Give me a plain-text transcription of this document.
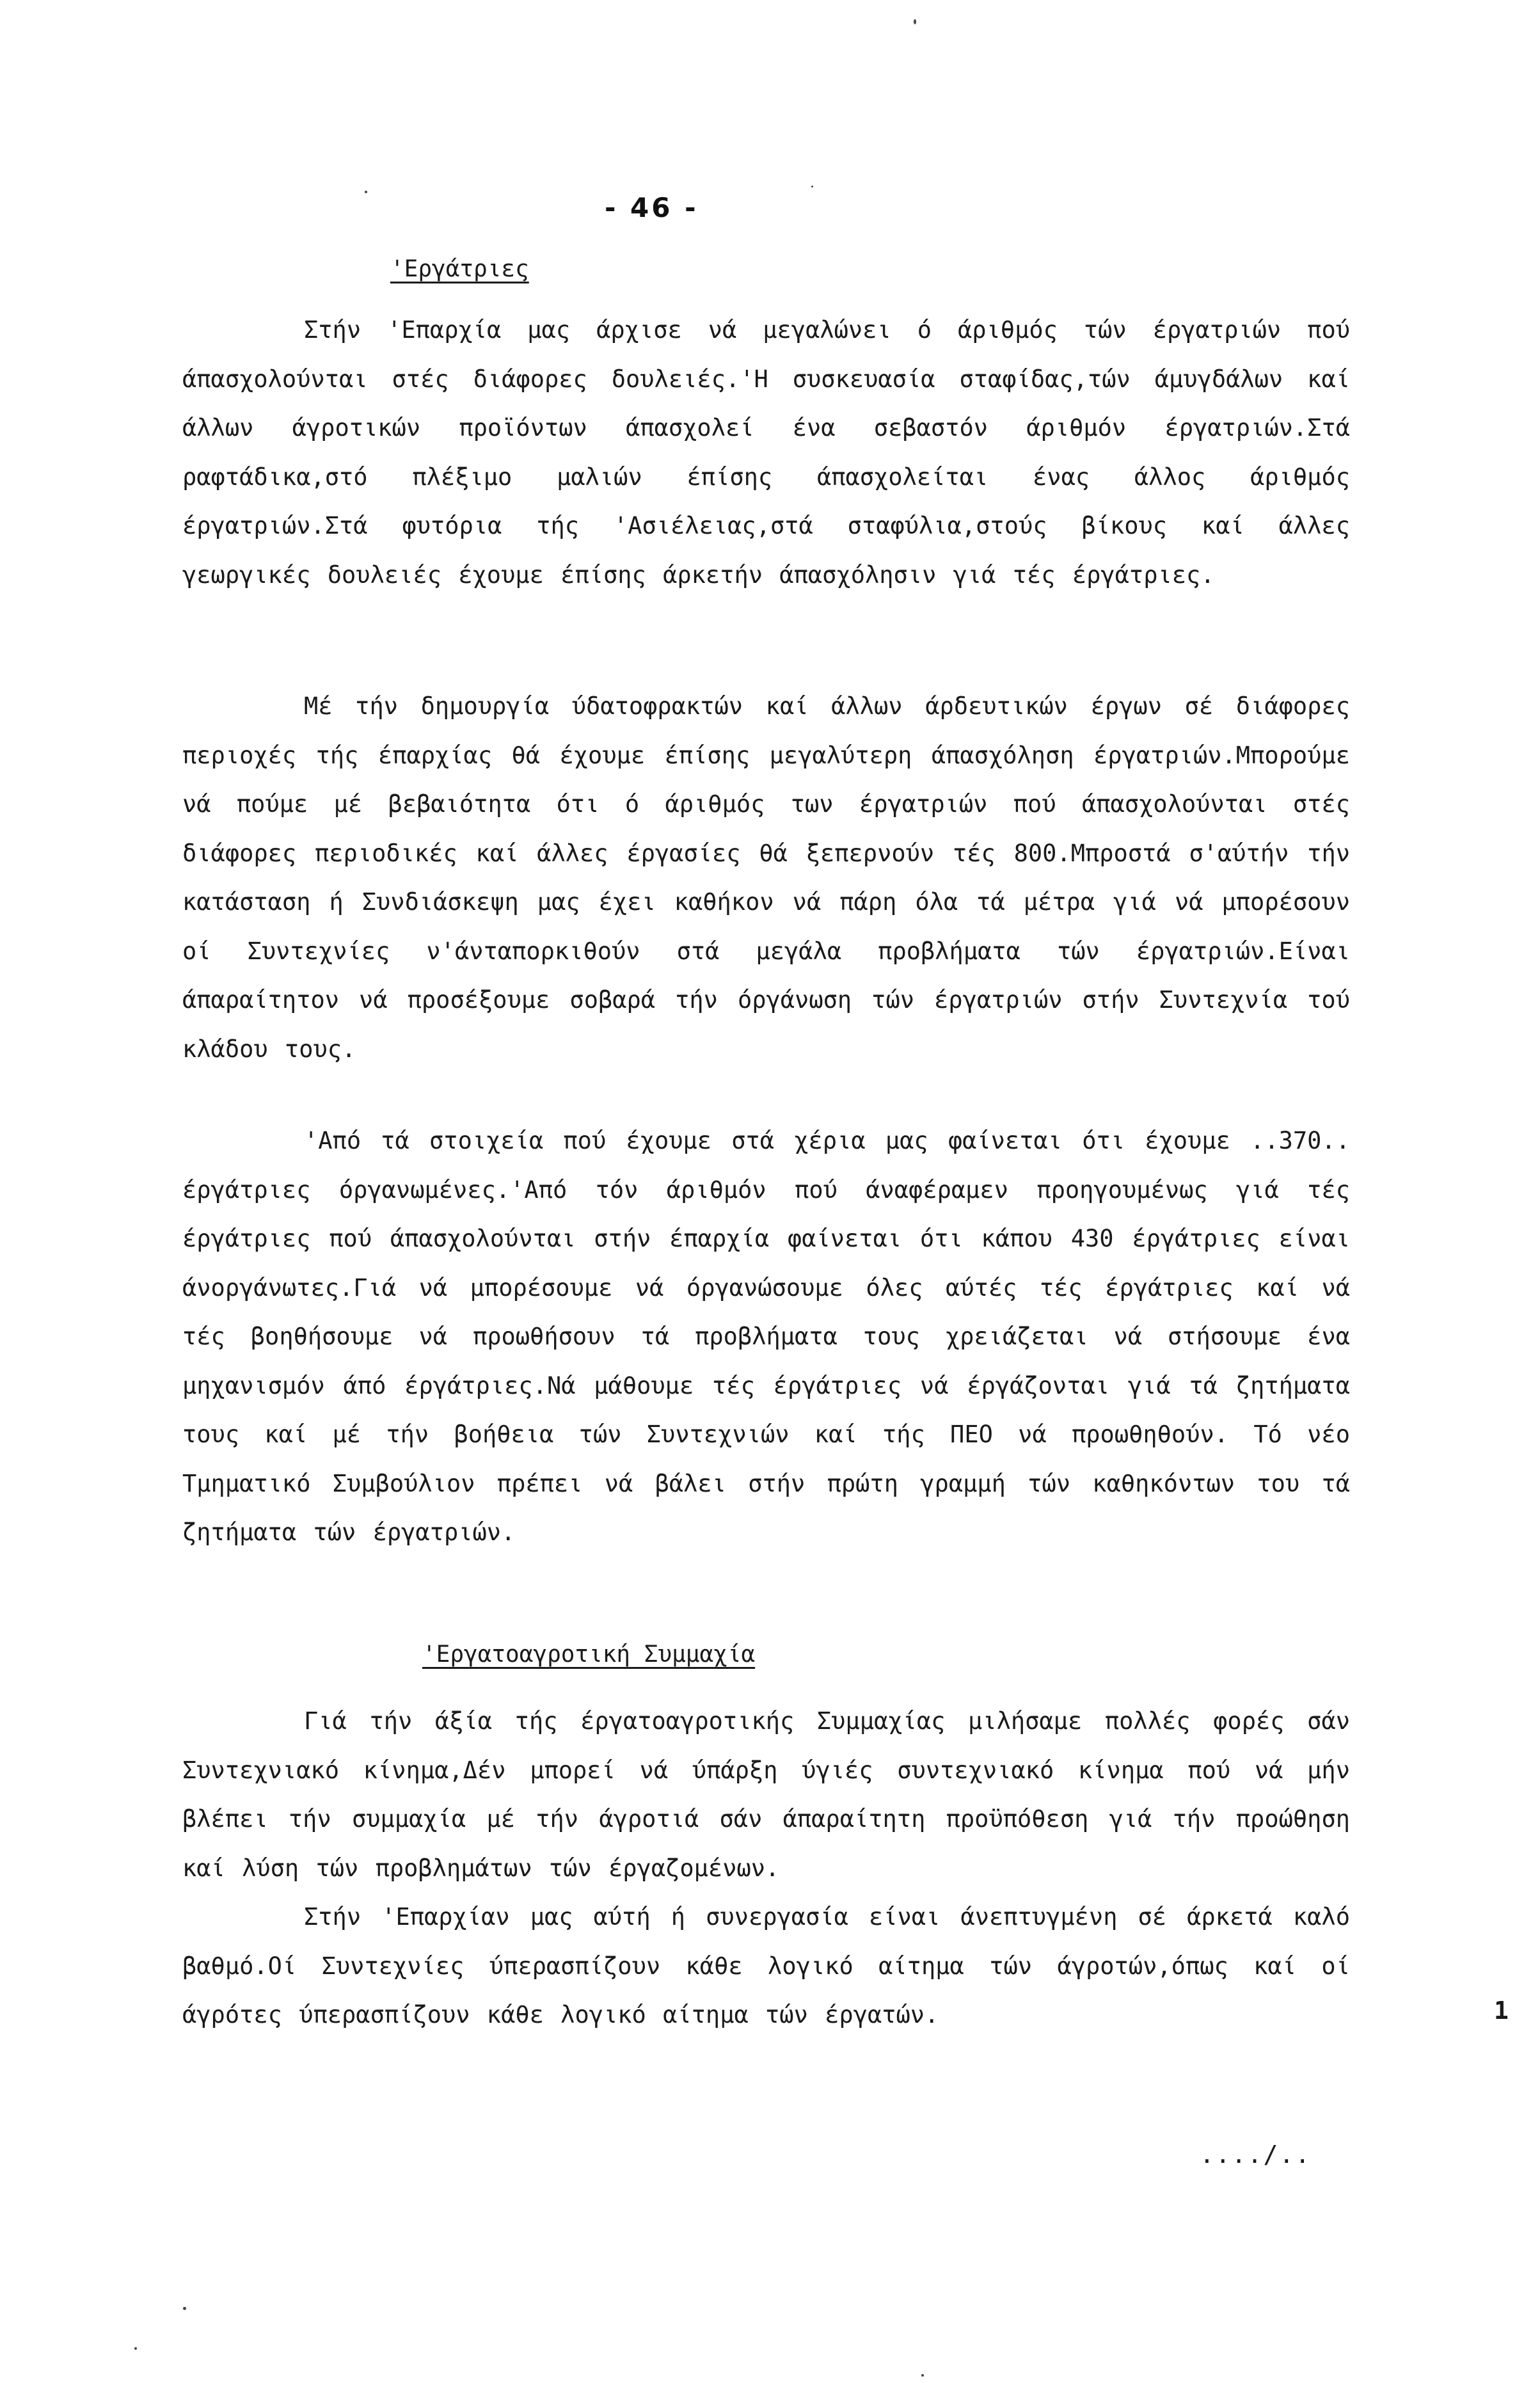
- 46 -
'Εργάτριες

Στήν 'Επαρχία μας άρχισε νά μεγαλώνει ό άριθμός τών έργατριών πού άπασχολούνται στές διάφορες δουλειές.'Η συσκευασία σταφίδας,τών άμυγδάλων καί άλλων άγροτικών προϊόντων άπασχολεί ένα σεβαστόν άριθμόν έργατριών.Στά ραφτάδικα,στό πλέξιμο μαλιών έπίσης άπασχολείται ένας άλλος άριθμός έργατριών.Στά φυτόρια τής 'Ασιέλειας,στά σταφύλια,στούς βίκους καί άλλες γεωργικές δουλειές έχουμε έπίσης άρκετήν άπασχόλησιν γιά τές έργάτριες.

Μέ τήν δημουργία ύδατοφρακτών καί άλλων άρδευτικών έργων σέ διάφορες περιοχές τής έπαρχίας θά έχουμε έπίσης μεγαλύτερη άπασχόληση έργατριών.Μπορούμε νά πούμε μέ βεβαιότητα ότι ό άριθμός των έργατριών πού άπασχολούνται στές διάφορες περιοδικές καί άλλες έργασίες θά ξεπερνούν τές 800.Μπροστά σ'αύτήν τήν κατάσταση ή Συνδιάσκεψη μας έχει καθήκον νά πάρη όλα τά μέτρα γιά νά μπορέσουν οί Συντεχνίες ν'άνταπορκιθούν στά μεγάλα προβλήματα τών έργατριών.Είναι άπαραίτητον νά προσέξουμε σοβαρά τήν όργάνωση τών έργατριών στήν Συντεχνία τού κλάδου τους.

'Από τά στοιχεία πού έχουμε στά χέρια μας φαίνεται ότι έχουμε ..370.. έργάτριες όργανωμένες.'Από τόν άριθμόν πού άναφέραμεν προηγουμένως γιά τές έργάτριες πού άπασχολούνται στήν έπαρχία φαίνεται ότι κάπου 430 έργάτριες είναι άνοργάνωτες.Γιά νά μπορέσουμε νά όργανώσουμε όλες αύτές τές έργάτριες καί νά τές βοηθήσουμε νά προωθήσουν τά προβλήματα τους χρειάζεται νά στήσουμε ένα μηχανισμόν άπό έργάτριες.Νά μάθουμε τές έργάτριες νά έργάζονται γιά τά ζητήματα τους καί μέ τήν βοήθεια τών Συντεχνιών καί τής ΠΕΟ νά προωθηθούν. Τό νέο Τμηματικό Συμβούλιον πρέπει νά βάλει στήν πρώτη γραμμή τών καθηκόντων του τά ζητήματα τών έργατριών.

'Εργατοαγροτική Συμμαχία

Γιά τήν άξία τής έργατοαγροτικής Συμμαχίας μιλήσαμε πολλές φορές σάν Συντεχνιακό κίνημα,Δέν μπορεί νά ύπάρξη ύγιές συντεχνιακό κίνημα πού νά μήν βλέπει τήν συμμαχία μέ τήν άγροτιά σάν άπαραίτητη προϋπόθεση γιά τήν προώθηση καί λύση τών προβλημάτων τών έργαζομένων.

Στήν 'Επαρχίαν μας αύτή ή συνεργασία είναι άνεπτυγμένη σέ άρκετά καλό βαθμό.Οί Συντεχνίες ύπερασπίζουν κάθε λογικό αίτημα τών άγροτών,όπως καί οί άγρότες ύπερασπίζουν κάθε λογικό αίτημα τών έργατών.	1
..../..
